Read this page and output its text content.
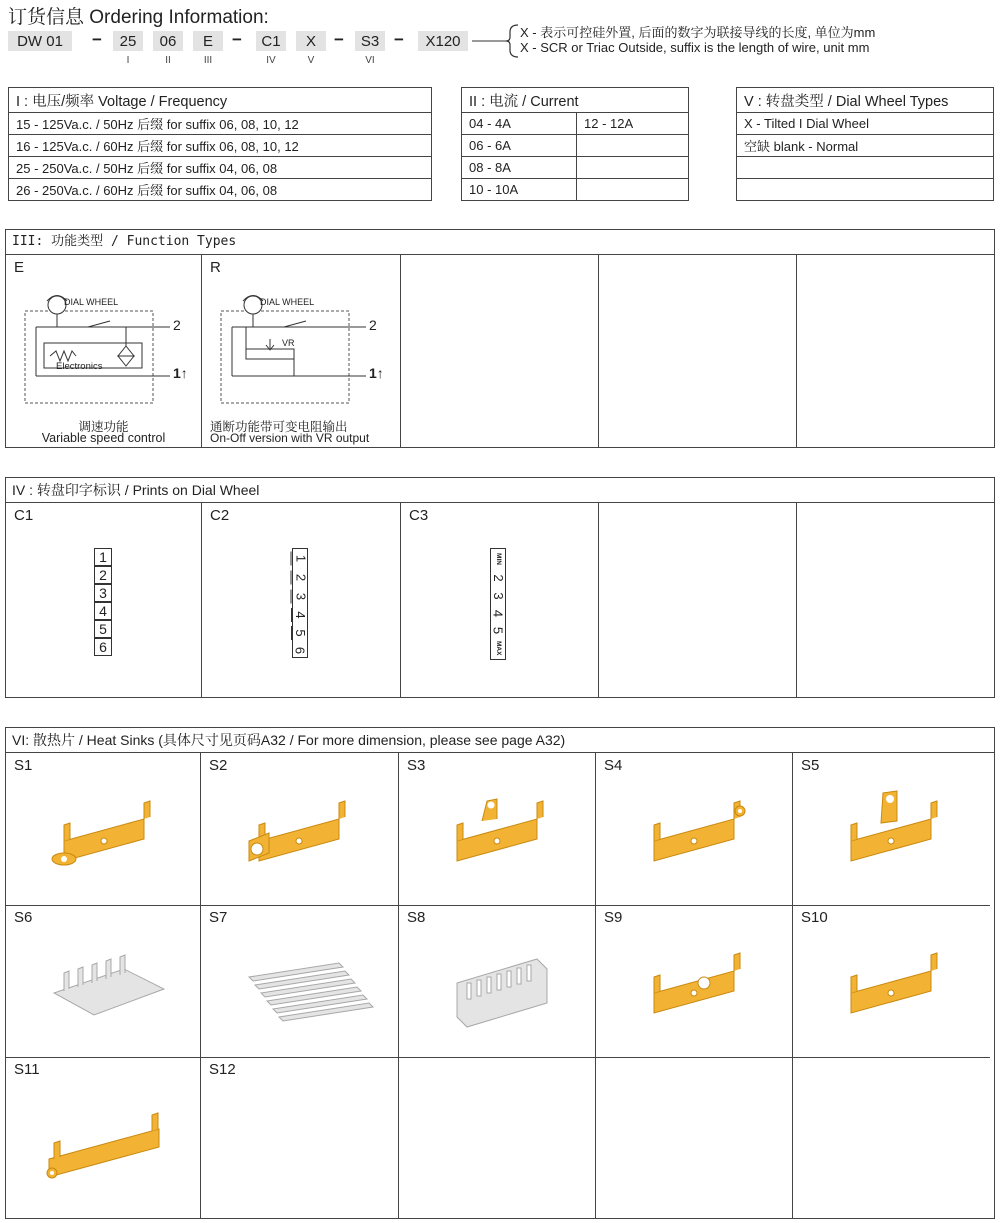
订货信息 Ordering Information:
DW 01	−	25	06	E	−	C1	X	−	S3 −	X120
I	II	III	IV	V	VI
X - 表示可控硅外置, 后面的数字为联接导线的长度, 单位为mm
X - SCR or Triac Outside, suffix is the length of wire, unit mm
I : 电压/频率 Voltage / Frequency
15 - 125Va.c. / 50Hz 后缀 for suffix 06, 08, 10, 12
16 - 125Va.c. / 60Hz 后缀 for suffix 06, 08, 10, 12
25 - 250Va.c. / 50Hz 后缀 for suffix 04, 06, 08
26 - 250Va.c. / 60Hz 后缀 for suffix 04, 06, 08
II : 电流 / Current	
04 - 4A	12 - 12A
06 - 6A	
08 - 8A	
10 - 10A	
V : 转盘类型 / Dial Wheel Types
X - Tilted I Dial Wheel
空缺 blank - Normal

III: 功能类型 / Function Types
E
DIAL WHEEL
Electronics
2
1↑
调速功能
Variable speed control
R
DIAL WHEEL
VR
2
1↑
通断功能带可变电阻输出
On-Off version with VR output
IV : 转盘印字标识 / Prints on Dial Wheel
C1
1
2
3
4
5
6
C2
1
2
3
4
5
6
C3
MIN
2
3
4
5
MAX
VI: 散热片 / Heat Sinks (具体尺寸见页码A32 / For more dimension, please see page A32)
S1	S2	S3	S4	S5
S6	S7	S8	S9	S10
S11	S12
